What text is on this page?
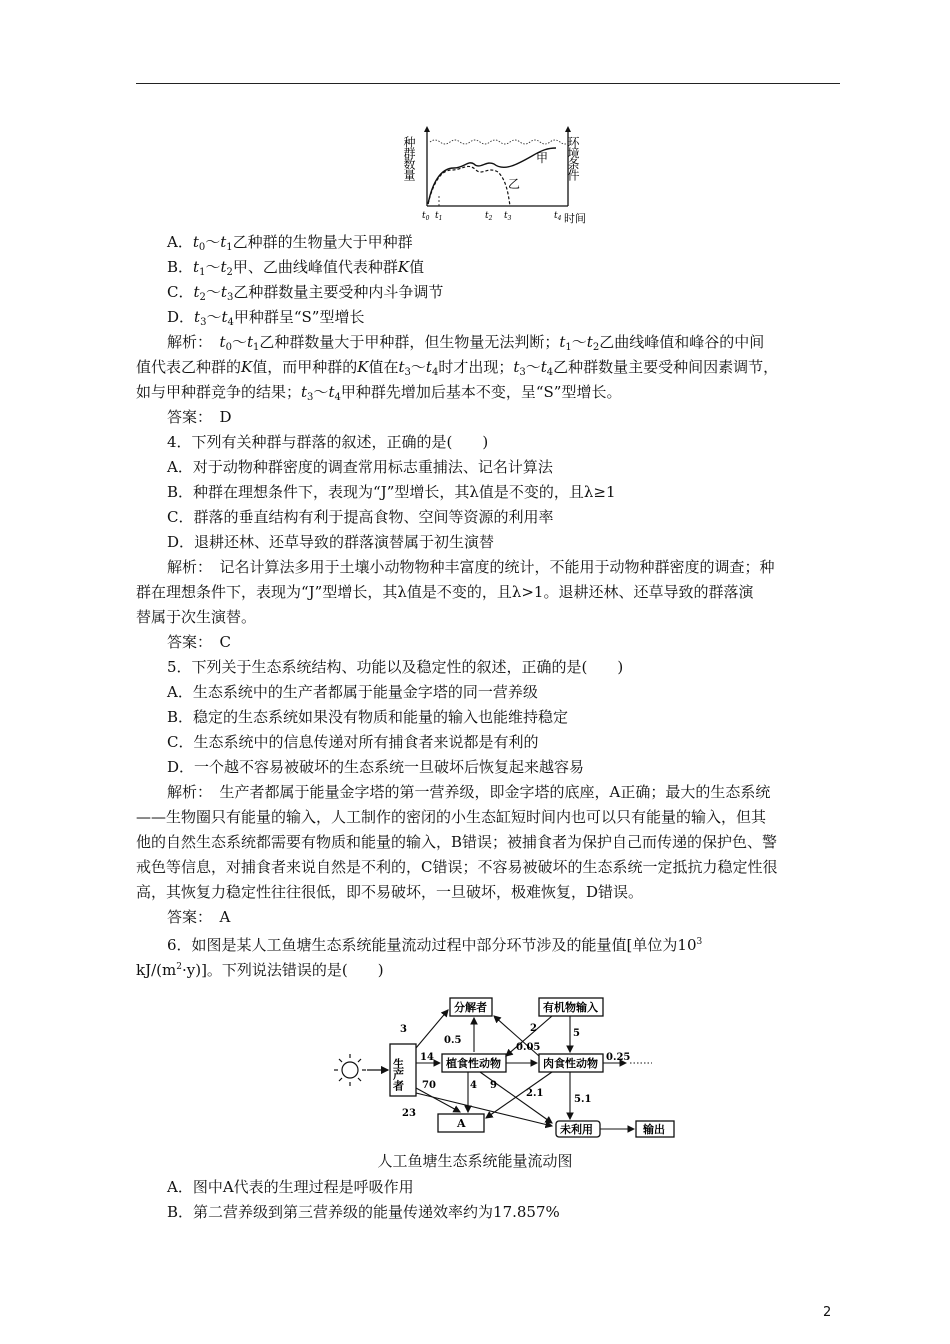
种群数量	环境条件
甲
乙
$t_0$ $t_1$	$t_2$ $t_3$	$t_4$ 时间
A．$t_0\sim t_1$乙种群的生物量大于甲种群
B．$t_1\sim t_2$甲、乙曲线峰值代表种群K值
C．$t_2\sim t_3$乙种群数量主要受种内斗争调节
D．$t_3\sim t_4$甲种群呈“S”型增长
解析：　 $t_0\sim t_1$乙种群数量大于甲种群，但生物量无法判断；$t_1\sim t_2$乙曲线峰值和峰谷的中间
值代表乙种群的K值，而甲种群的K值在$t_3\sim t_4$时才出现；$t_3\sim t_4$乙种群数量主要受种间因素调节，
如与甲种群竞争的结果；$t_3\sim t_4$甲种群先增加后基本不变，呈“S”型增长。
答案：　 D
4．下列有关种群与群落的叙述，正确的是(　　)
A．对于动物种群密度的调查常用标志重捕法、记名计算法
B．种群在理想条件下，表现为“J”型增长，其λ值是不变的，且λ≥1
C．群落的垂直结构有利于提高食物、空间等资源的利用率
D．退耕还林、还草导致的群落演替属于初生演替
解析：　记名计算法多用于土壤小动物物种丰富度的统计，不能用于动物种群密度的调查；种
群在理想条件下，表现为“J”型增长，其λ值是不变的，且λ>1。退耕还林、还草导致的群落演
替属于次生演替。
答案：　 C
5．下列关于生态系统结构、功能以及稳定性的叙述，正确的是(　　)
A．生态系统中的生产者都属于能量金字塔的同一营养级
B．稳定的生态系统如果没有物质和能量的输入也能维持稳定
C．生态系统中的信息传递对所有捕食者来说都是有利的
D．一个越不容易被破坏的生态系统一旦破坏后恢复起来越容易
解析：　生产者都属于能量金字塔的第一营养级，即金字塔的底座，A正确；最大的生态系统
——生物圈只有能量的输入，人工制作的密闭的小生态缸短时间内也可以只有能量的输入，但其
他的自然生态系统都需要有物质和能量的输入，B错误；被捕食者为保护自己而传递的保护色、警
戒色等信息，对捕食者来说自然是不利的，C错误；不容易被破坏的生态系统一定抵抗力稳定性很
高，其恢复力稳定性往往很低，即不易破坏，一旦破坏，极难恢复，D错误。
答案：　 A
6．如图是某人工鱼塘生态系统能量流动过程中部分环节涉及的能量值[单位为$10^3$
$kJ/(m^2\cdot y)$]。下列说法错误的是(　　)
生产者
分解者	有机物输入
植食性动物	肉食性动物
A	未利用	输出
3
0.5
2
0.05
5
14	0.25
70	4 9
2.1
5.1
23
人工鱼塘生态系统能量流动图
A．图中A代表的生理过程是呼吸作用
B．第二营养级到第三营养级的能量传递效率约为17.857%
2
